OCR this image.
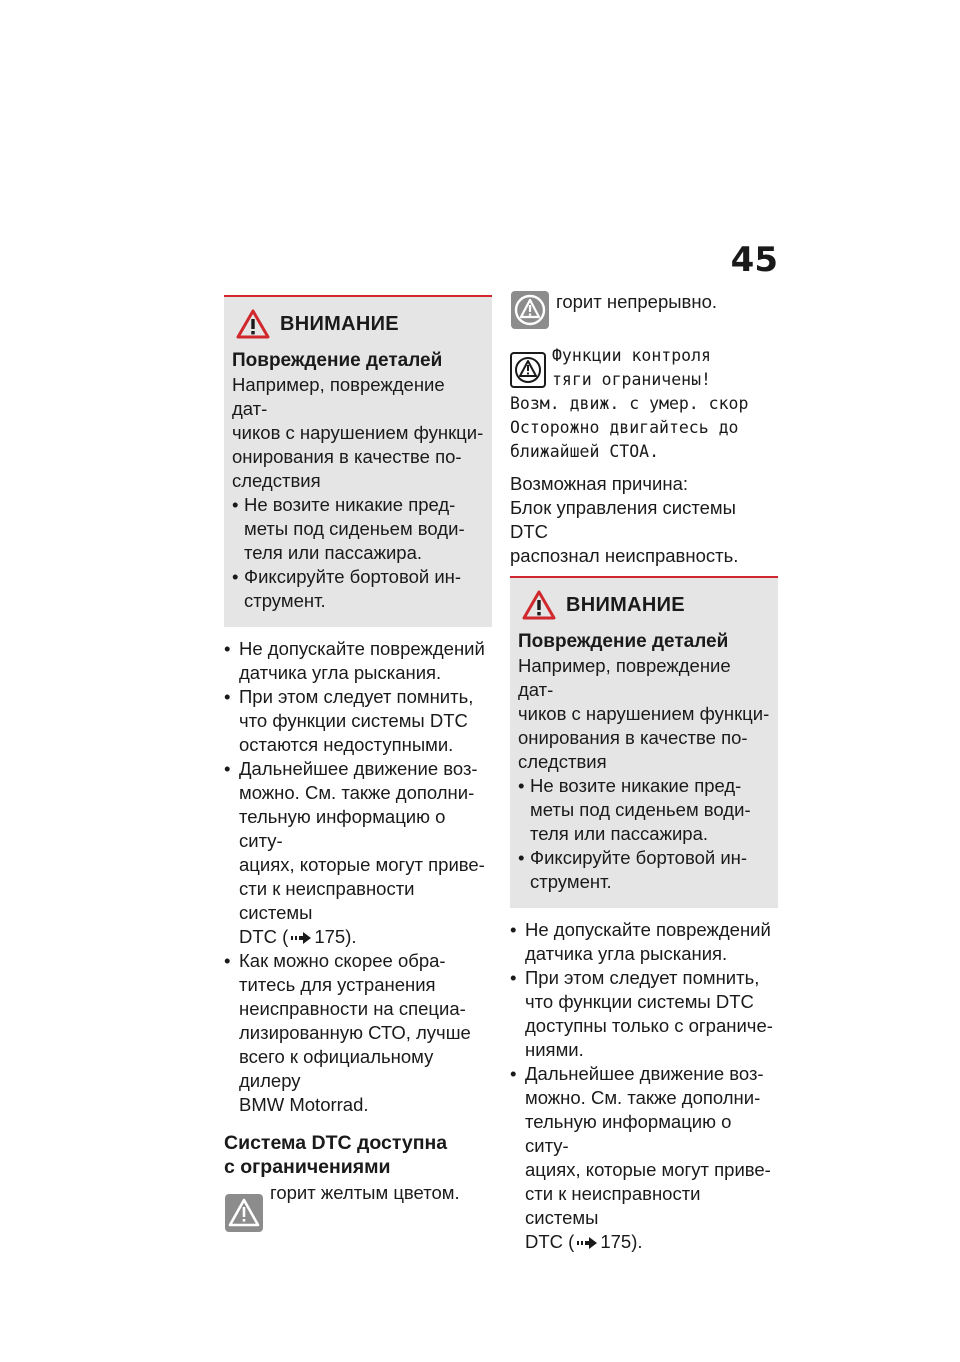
45
ВНИМАНИЕ
Повреждение деталей
Например, повреждение дат-
чиков с нарушением функци-
онирования в качестве по-
следствия
• Не возите никакие пред-
меты под сиденьем води-
теля или пассажира.
• Фиксируйте бортовой ин-
струмент.
• Не допускайте повреждений
датчика угла рыскания.
• При этом следует помнить,
что функции системы DTC
остаются недоступными.
• Дальнейшее движение воз-
можно. См. также дополни-
тельную информацию о ситу-
ациях, которые могут приве-
сти к неисправности системы
DTC ( 175).
• Как можно скорее обра-
титесь для устранения
неисправности на специа-
лизированную СТО, лучше
всего к официальному дилеру
BMW Motorrad.
Система DTC доступна
с ограничениями
горит желтым цветом.
горит непрерывно.
Функции контроля
тяги ограничены!
Возм. движ. с умер. скор
Осторожно двигайтесь до
ближайшей СТОА.
Возможная причина:
Блок управления системы DTC
распознал неисправность.
ВНИМАНИЕ
Повреждение деталей
Например, повреждение дат-
чиков с нарушением функци-
онирования в качестве по-
следствия
• Не возите никакие пред-
меты под сиденьем води-
теля или пассажира.
• Фиксируйте бортовой ин-
струмент.
• Не допускайте повреждений
датчика угла рыскания.
• При этом следует помнить,
что функции системы DTC
доступны только с ограниче-
ниями.
• Дальнейшее движение воз-
можно. См. также дополни-
тельную информацию о ситу-
ациях, которые могут приве-
сти к неисправности системы
DTC ( 175).
